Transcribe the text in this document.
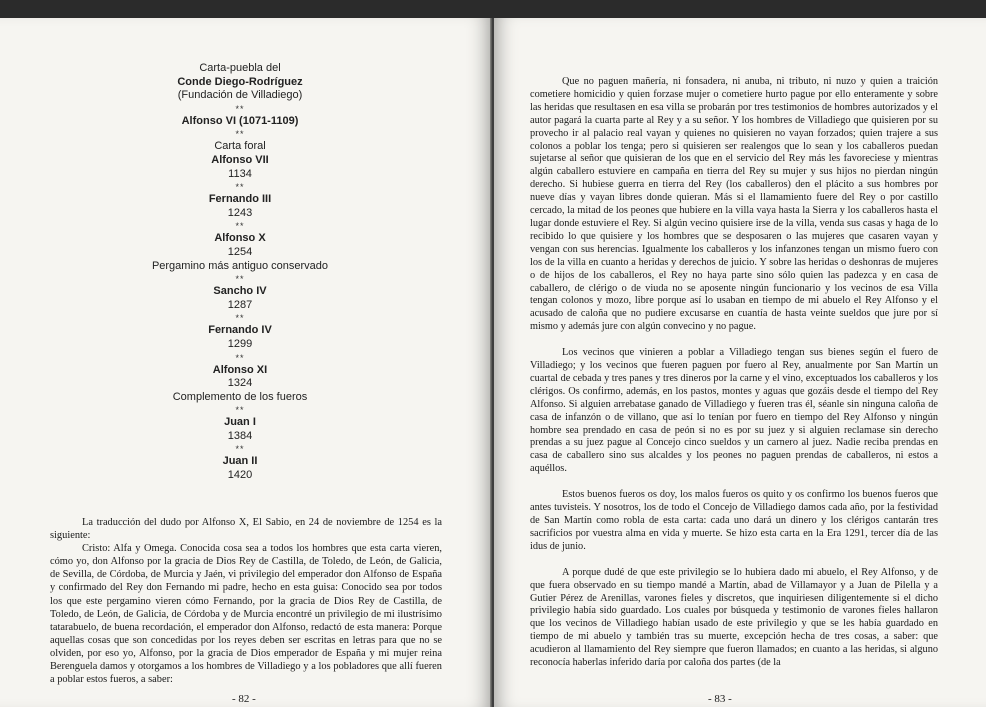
Carta-puebla del
Conde Diego-Rodríguez
(Fundación de Villadiego)
**
Alfonso VI (1071-1109)
**
Carta foral
Alfonso VII
1134
**
Fernando III
1243
**
Alfonso X
1254
Pergamino más antiguo conservado
**
Sancho IV
1287
**
Fernando IV
1299
**
Alfonso XI
1324
Complemento de los fueros
**
Juan I
1384
**
Juan II
1420

La traducción del dudo por Alfonso X, El Sabio, en 24 de noviembre de 1254 es la siguiente:

Cristo: Alfa y Omega. Conocida cosa sea a todos los hombres que esta carta vieren, cómo yo, don Alfonso por la gracia de Dios Rey de Castilla, de Toledo, de León, de Galicia, de Sevilla, de Córdoba, de Murcia y Jaén, vi privilegio del emperador don Alfonso de España y confirmado del Rey don Fernando mi padre, hecho en esta guisa: Conocido sea por todos los que este pergamino vieren cómo Fernando, por la gracia de Dios Rey de Castilla, de Toledo, de León, de Galicia, de Córdoba y de Murcia encontré un privilegio de mi ilustrísimo tatarabuelo, de buena recordación, el emperador don Alfonso, redactó de esta manera: Porque aquellas cosas que son concedidas por los reyes deben ser escritas en letras para que no se olviden, por eso yo, Alfonso, por la gracia de Dios emperador de España y mi mujer reina Berenguela damos y otorgamos a los hombres de Villadiego y a los pobladores que allí fueren a poblar estos fueros, a saber:

- 82 -

Que no paguen mañería, ni fonsadera, ni anuba, ni tributo, ni nuzo y quien a traición cometiere homicidio y quien forzase mujer o cometiere hurto pague por ello enteramente y sobre las heridas que resultasen en esa villa se probarán por tres testimonios de hombres autorizados y el autor pagará la cuarta parte al Rey y a su señor. Y los hombres de Villadiego que quisieren por su provecho ir al palacio real vayan y quienes no quisieren no vayan forzados; quien trajere a sus colonos a poblar los tenga; pero si quisieren ser realengos que lo sean y los caballeros puedan sujetarse al señor que quisieran de los que en el servicio del Rey más les favoreciese y mientras algún caballero estuviere en campaña en tierra del Rey su mujer y sus hijos no pierdan ningún derecho. Si hubiese guerra en tierra del Rey (los caballeros) den el plácito a sus hombres por nueve días y vayan libres donde quieran. Más si el llamamiento fuere del Rey o por castillo cercado, la mitad de los peones que hubiere en la villa vaya hasta la Sierra y los caballeros hasta el lugar donde estuviere el Rey. Si algún vecino quisiere irse de la villa, venda sus casas y haga de lo recibido lo que quisiere y los hombres que se desposaren o las mujeres que casaren vayan y vengan con sus herencias. Igualmente los caballeros y los infanzones tengan un mismo fuero con los de la villa en cuanto a heridas y derechos de juicio. Y sobre las heridas o deshonras de mujeres o de hijos de los caballeros, el Rey no haya parte sino sólo quien las padezca y en casa de caballero, de clérigo o de viuda no se aposente ningún funcionario y los vecinos de esa Villa tengan colonos y mozo, libre porque así lo usaban en tiempo de mi abuelo el Rey Alfonso y el acusado de caloña que no pudiere excusarse en cuantía de hasta veinte sueldos que jure por sí mismo y además jure con algún convecino y no pague.

Los vecinos que vinieren a poblar a Villadiego tengan sus bienes según el fuero de Villadiego; y los vecinos que fueren paguen por fuero al Rey, anualmente por San Martín un cuartal de cebada y tres panes y tres dineros por la carne y el vino, exceptuados los caballeros y los clérigos. Os confirmo, además, en los pastos, montes y aguas que gozáis desde el tiempo del Rey Alfonso. Si alguien arrebatase ganado de Villadiego y fueren tras él, séanle sin ninguna caloña de casa de infanzón o de villano, que así lo tenían por fuero en tiempo del Rey Alfonso y ningún hombre sea prendado en casa de peón si no es por su juez y si alguien reclamase sin derecho prendas a su juez pague al Concejo cinco sueldos y un carnero al juez. Nadie reciba prendas en casa de caballero sino sus alcaldes y los peones no paguen prendas de caballeros, ni estos a aquéllos.

Estos buenos fueros os doy, los malos fueros os quito y os confirmo los buenos fueros que antes tuvisteis. Y nosotros, los de todo el Concejo de Villadiego damos cada año, por la festividad de San Martín como robla de esta carta: cada uno dará un dinero y los clérigos cantarán tres sacrificios por vuestra alma en vida y muerte. Se hizo esta carta en la Era 1291, tercer día de las idus de junio.

A porque dudé de que este privilegio se lo hubiera dado mi abuelo, el Rey Alfonso, y de que fuera observado en su tiempo mandé a Martín, abad de Villamayor y a Juan de Pilella y a Gutier Pérez de Arenillas, varones fieles y discretos, que inquiriesen diligentemente si el dicho privilegio había sido guardado. Los cuales por búsqueda y testimonio de varones fieles hallaron que los vecinos de Villadiego habían usado de este privilegio y que se les había guardado en tiempo de mi abuelo y también tras su muerte, excepción hecha de tres cosas, a saber: que acudieron al llamamiento del Rey siempre que fueron llamados; en cuanto a las heridas, si alguno reconocía haberlas inferido daría por caloña dos partes (de la

- 83 -
